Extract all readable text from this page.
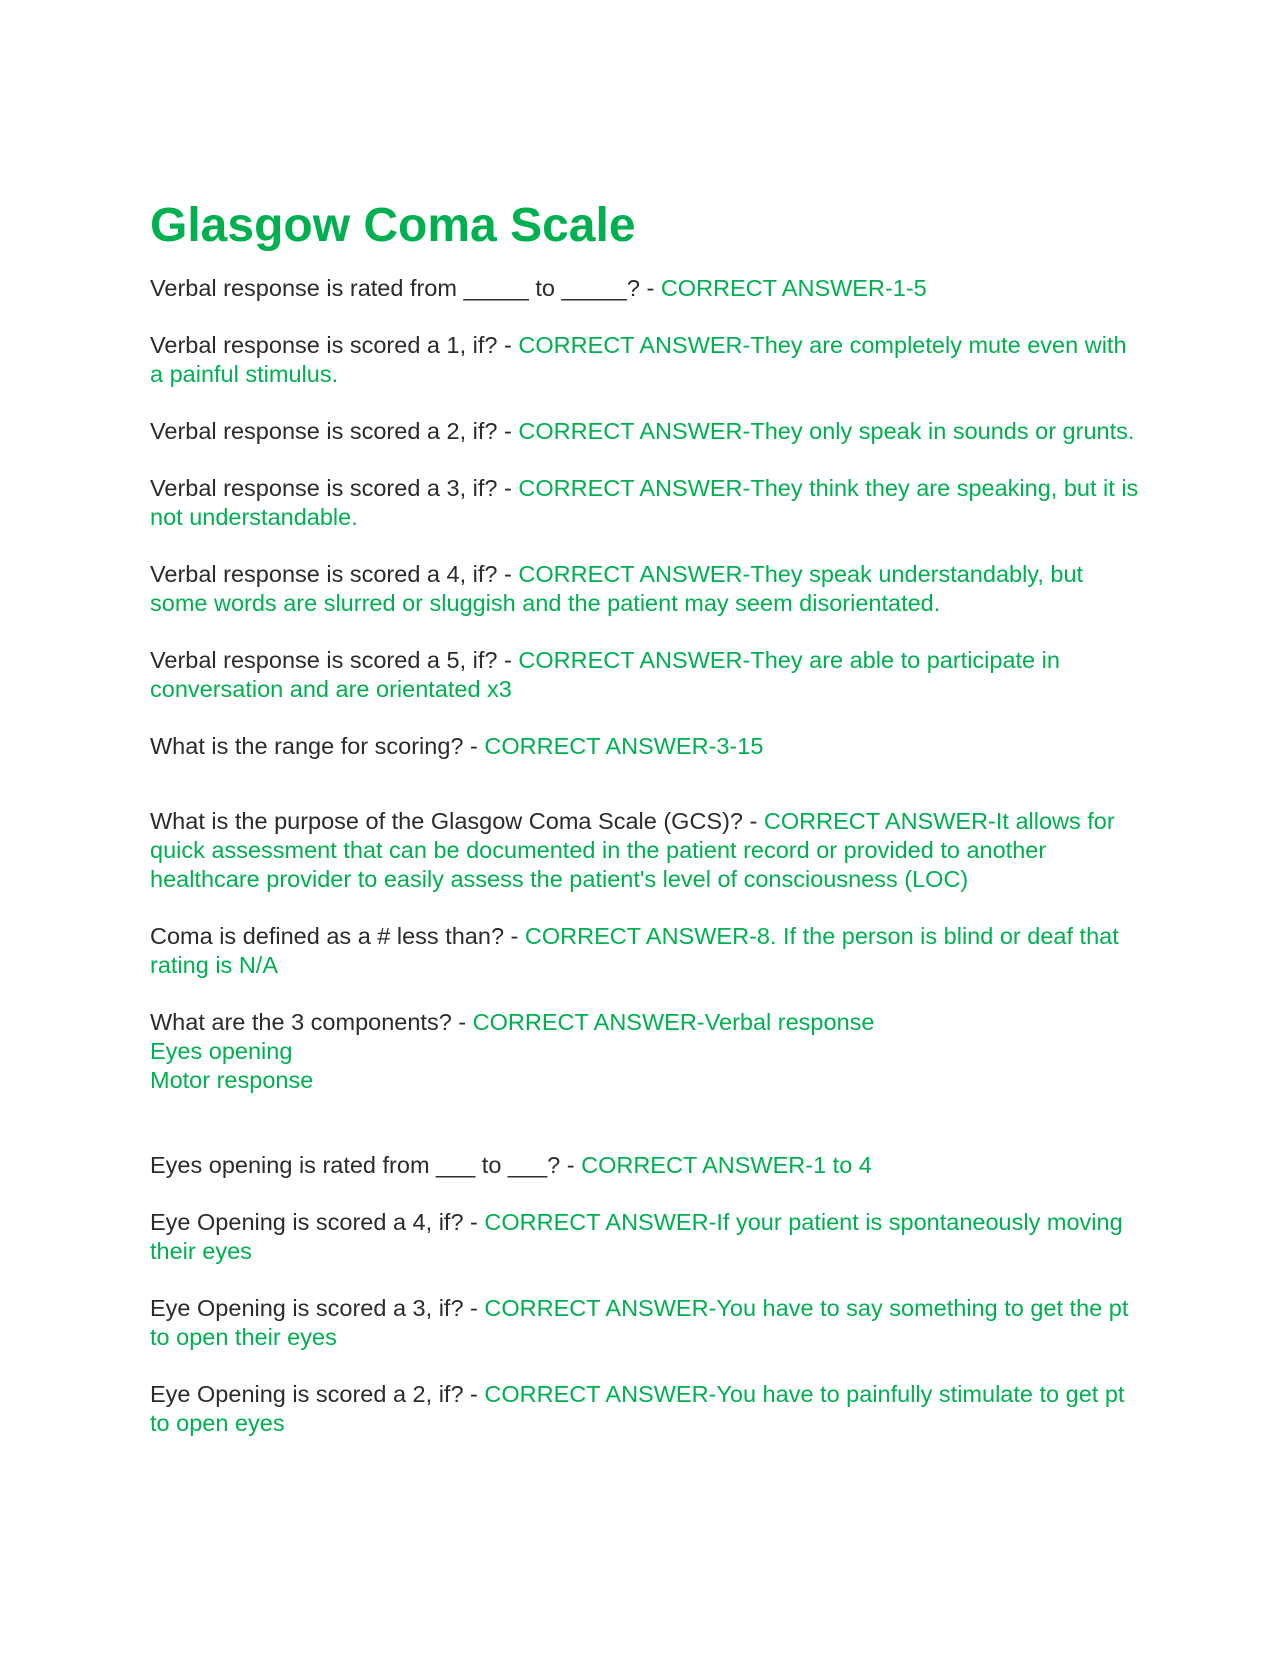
Glasgow Coma Scale

Verbal response is rated from _____ to _____? - CORRECT ANSWER-1-5

Verbal response is scored a 1, if? - CORRECT ANSWER-They are completely mute even with a painful stimulus.

Verbal response is scored a 2, if? - CORRECT ANSWER-They only speak in sounds or grunts.

Verbal response is scored a 3, if? - CORRECT ANSWER-They think they are speaking, but it is not understandable.

Verbal response is scored a 4, if? - CORRECT ANSWER-They speak understandably, but some words are slurred or sluggish and the patient may seem disorientated.

Verbal response is scored a 5, if? - CORRECT ANSWER-They are able to participate in conversation and are orientated x3

What is the range for scoring? - CORRECT ANSWER-3-15

What is the purpose of the Glasgow Coma Scale (GCS)? - CORRECT ANSWER-It allows for quick assessment that can be documented in the patient record or provided to another healthcare provider to easily assess the patient's level of consciousness (LOC)

Coma is defined as a # less than? - CORRECT ANSWER-8. If the person is blind or deaf that rating is N/A

What are the 3 components? - CORRECT ANSWER-Verbal response
Eyes opening
Motor response

Eyes opening is rated from ___ to ___? - CORRECT ANSWER-1 to 4

Eye Opening is scored a 4, if? - CORRECT ANSWER-If your patient is spontaneously moving their eyes

Eye Opening is scored a 3, if? - CORRECT ANSWER-You have to say something to get the pt to open their eyes

Eye Opening is scored a 2, if? - CORRECT ANSWER-You have to painfully stimulate to get pt to open eyes
